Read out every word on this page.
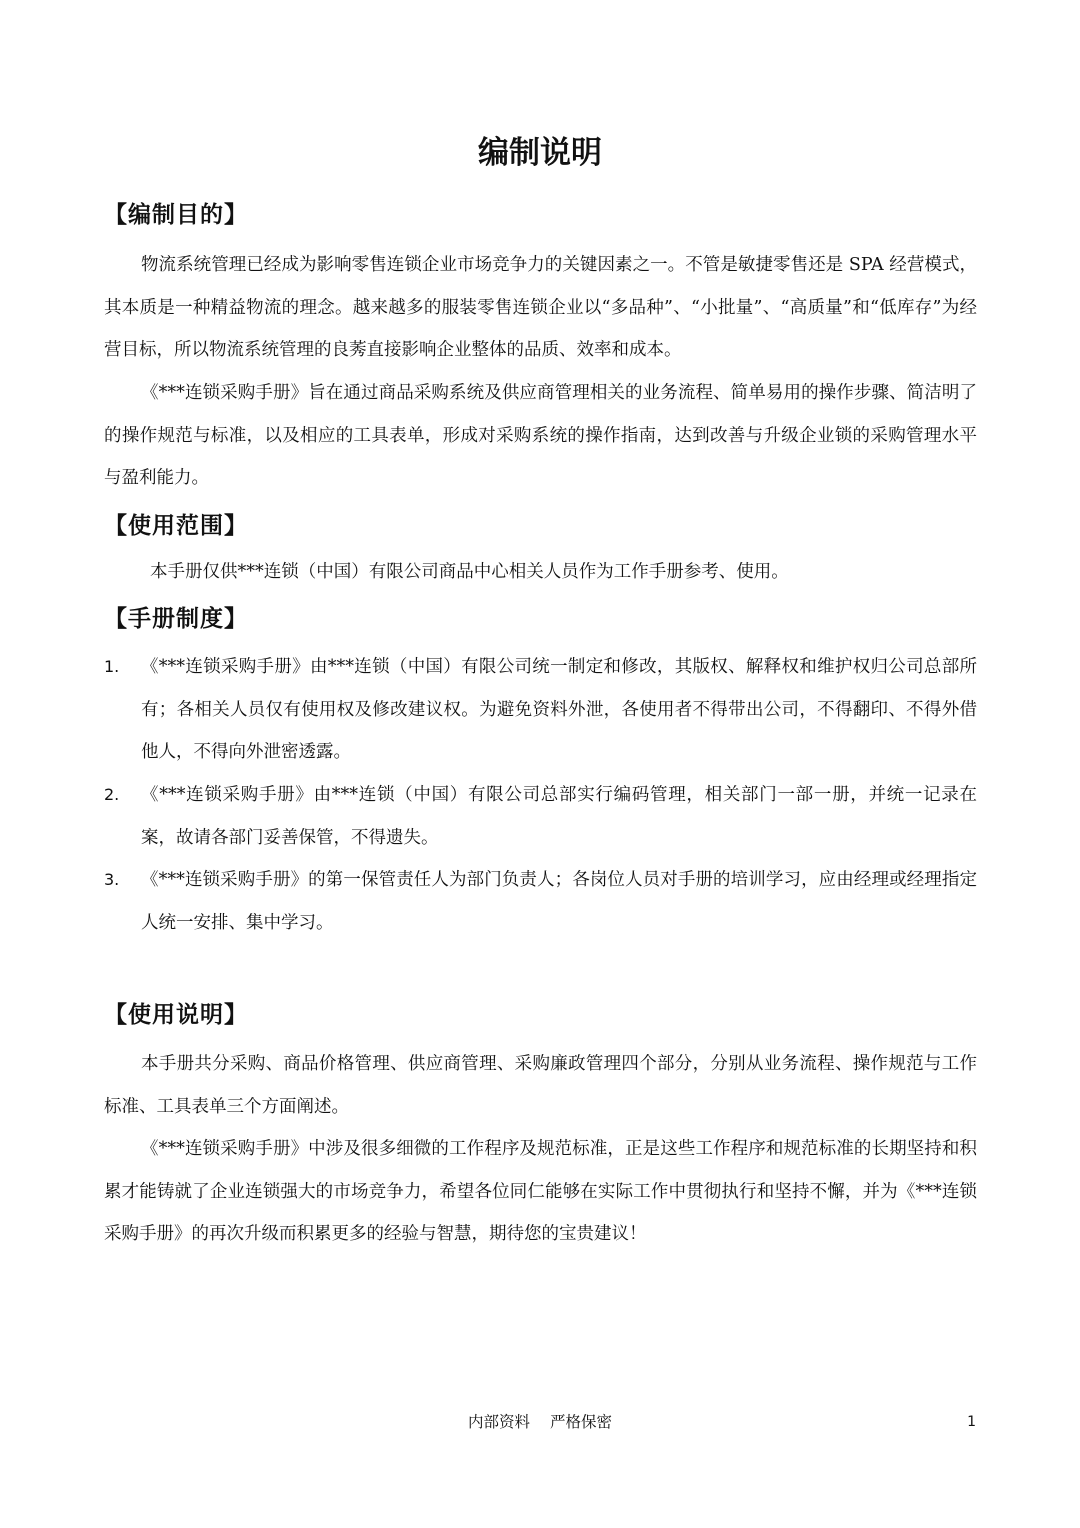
编制说明
【编制目的】

物流系统管理已经成为影响零售连锁企业市场竞争力的关键因素之一。不管是敏捷零售还是 SPA 经营模式，其本质是一种精益物流的理念。越来越多的服装零售连锁企业以“多品种”、“小批量”、“高质量”和“低库存”为经营目标，所以物流系统管理的良莠直接影响企业整体的品质、效率和成本。

《***连锁采购手册》旨在通过商品采购系统及供应商管理相关的业务流程、简单易用的操作步骤、简洁明了的操作规范与标准，以及相应的工具表单，形成对采购系统的操作指南，达到改善与升级企业锁的采购管理水平与盈利能力。

【使用范围】

本手册仅供***连锁（中国）有限公司商品中心相关人员作为工作手册参考、使用。

【手册制度】
1. 《***连锁采购手册》由***连锁（中国）有限公司统一制定和修改，其版权、解释权和维护权归公司总部所有；各相关人员仅有使用权及修改建议权。为避免资料外泄，各使用者不得带出公司，不得翻印、不得外借他人，不得向外泄密透露。

2. 《***连锁采购手册》由***连锁（中国）有限公司总部实行编码管理，相关部门一部一册，并统一记录在案，故请各部门妥善保管，不得遗失。

3. 《***连锁采购手册》的第一保管责任人为部门负责人；各岗位人员对手册的培训学习，应由经理或经理指定人统一安排、集中学习。

【使用说明】

本手册共分采购、商品价格管理、供应商管理、采购廉政管理四个部分，分别从业务流程、操作规范与工作标准、工具表单三个方面阐述。

《***连锁采购手册》中涉及很多细微的工作程序及规范标准，正是这些工作程序和规范标准的长期坚持和积累才能铸就了企业连锁强大的市场竞争力，希望各位同仁能够在实际工作中贯彻执行和坚持不懈，并为《***连锁采购手册》的再次升级而积累更多的经验与智慧，期待您的宝贵建议！

内部资料 严格保密	1
